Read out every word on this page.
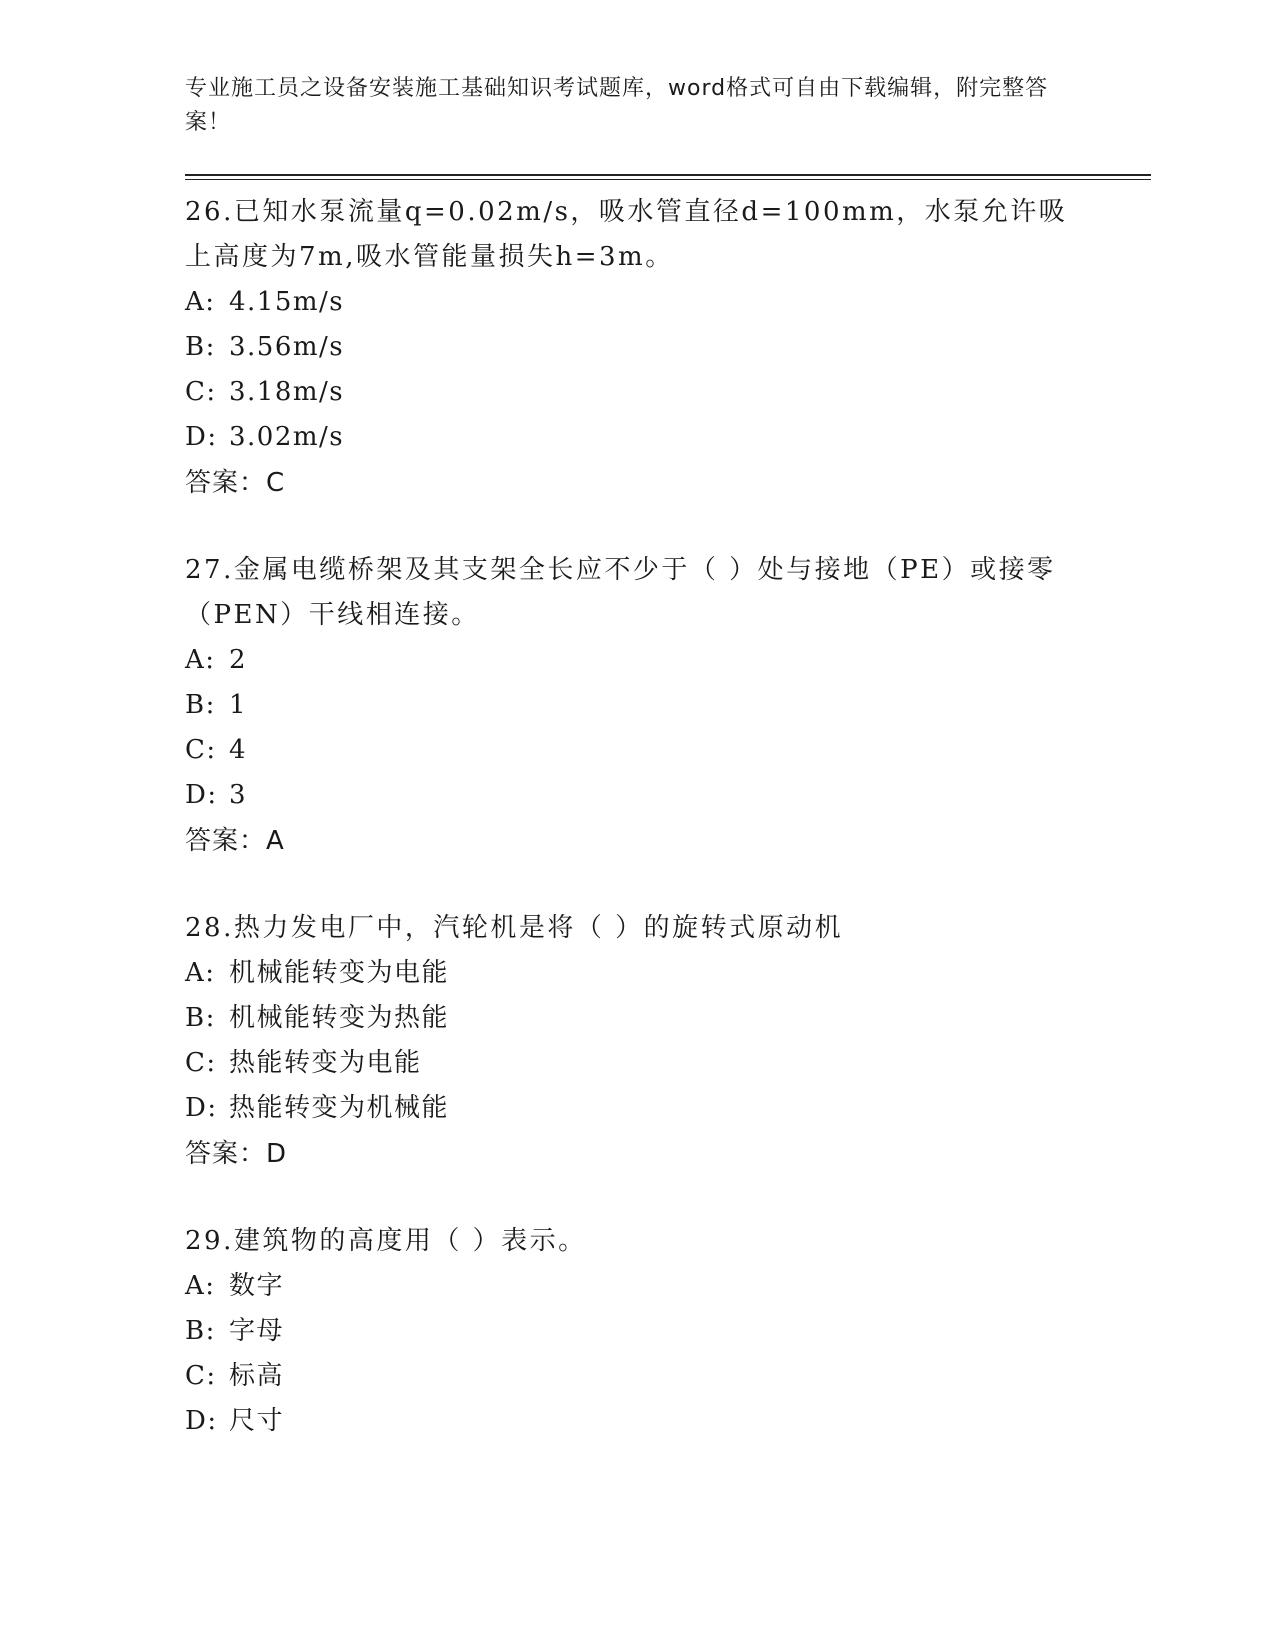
专业施工员之设备安装施工基础知识考试题库，word格式可自由下载编辑，附完整答案！

26.已知水泵流量q=0.02m/s，吸水管直径d=100mm，水泵允许吸上高度为7m,吸水管能量损失h=3m。

A: 4.15m/s

B: 3.56m/s

C: 3.18m/s

D: 3.02m/s

答案：C

27.金属电缆桥架及其支架全长应不少于（ ）处与接地（PE）或接零（PEN）干线相连接。

A: 2

B: 1

C: 4

D: 3

答案：A

28.热力发电厂中，汽轮机是将（ ）的旋转式原动机

A: 机械能转变为电能

B: 机械能转变为热能

C: 热能转变为电能

D: 热能转变为机械能

答案：D

29.建筑物的高度用（ ）表示。

A: 数字

B: 字母

C: 标高

D: 尺寸
